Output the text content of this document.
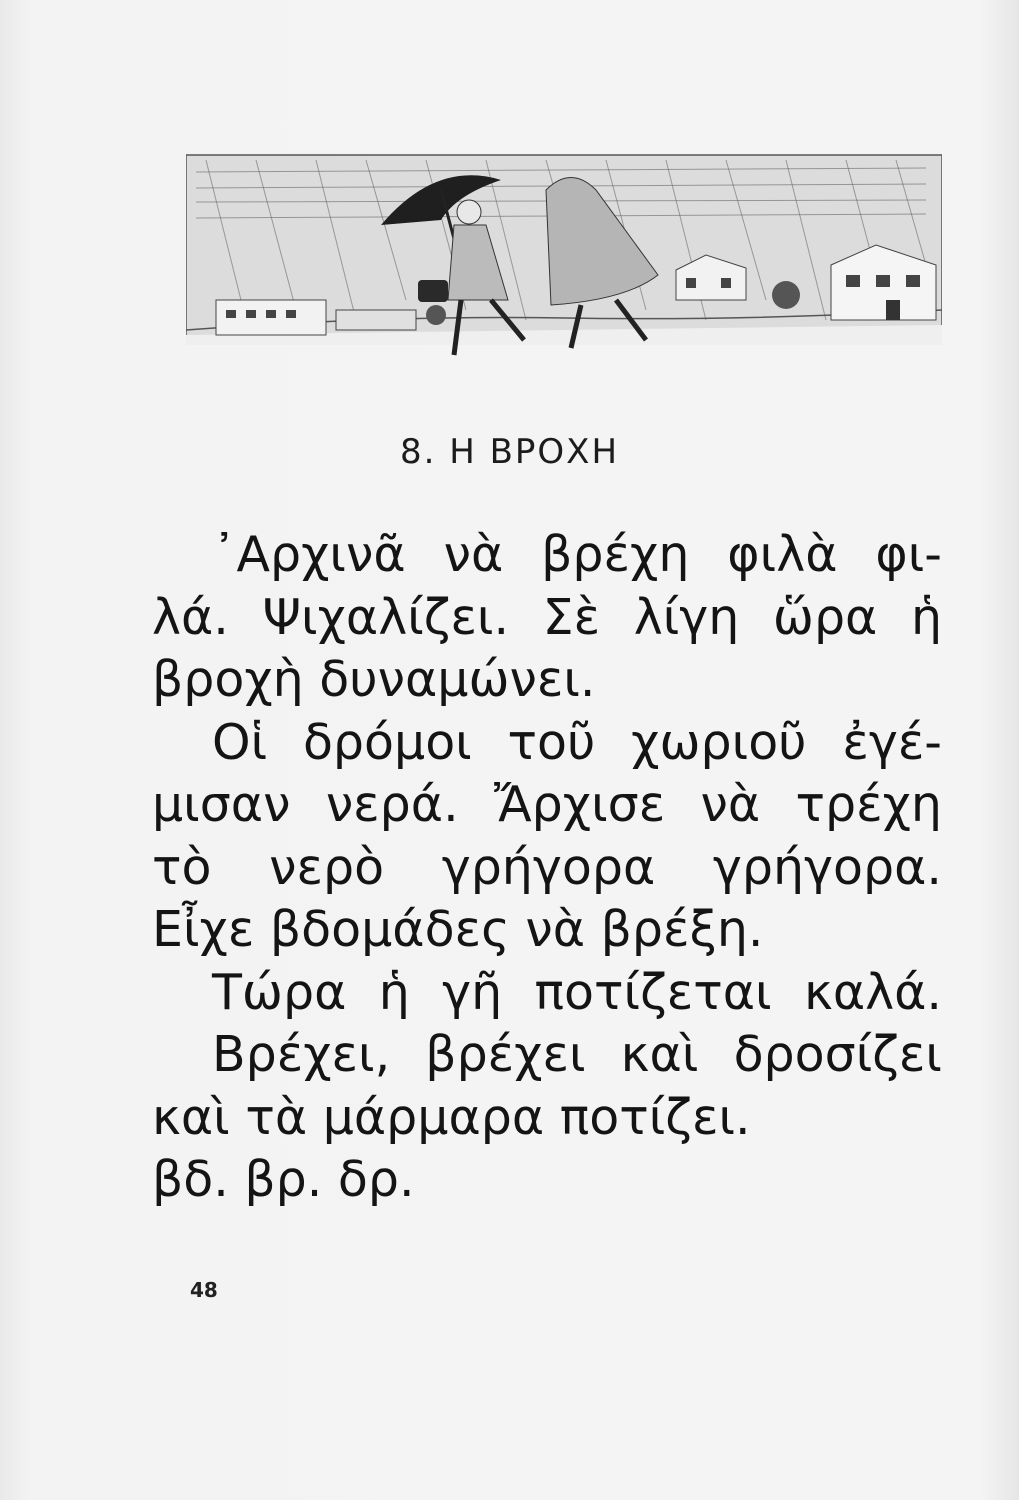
8. Η ΒΡΟΧΗ
᾿Αρχινᾶ νὰ βρέχη φιλὰ φι-
λά. Ψιχαλίζει. Σὲ λίγη ὥρα ἡ
βροχὴ δυναμώνει.
Οἱ δρόμοι τοῦ χωριοῦ ἐγέ-
μισαν νερά. Ἄρχισε νὰ τρέχη
τὸ νερὸ γρήγορα γρήγορα.
Εἶχε βδομάδες νὰ βρέξη.
Τώρα ἡ γῆ ποτίζεται καλά.
Βρέχει, βρέχει καὶ δροσίζει
καὶ τὰ μάρμαρα ποτίζει.
βδ. βρ. δρ.
48
